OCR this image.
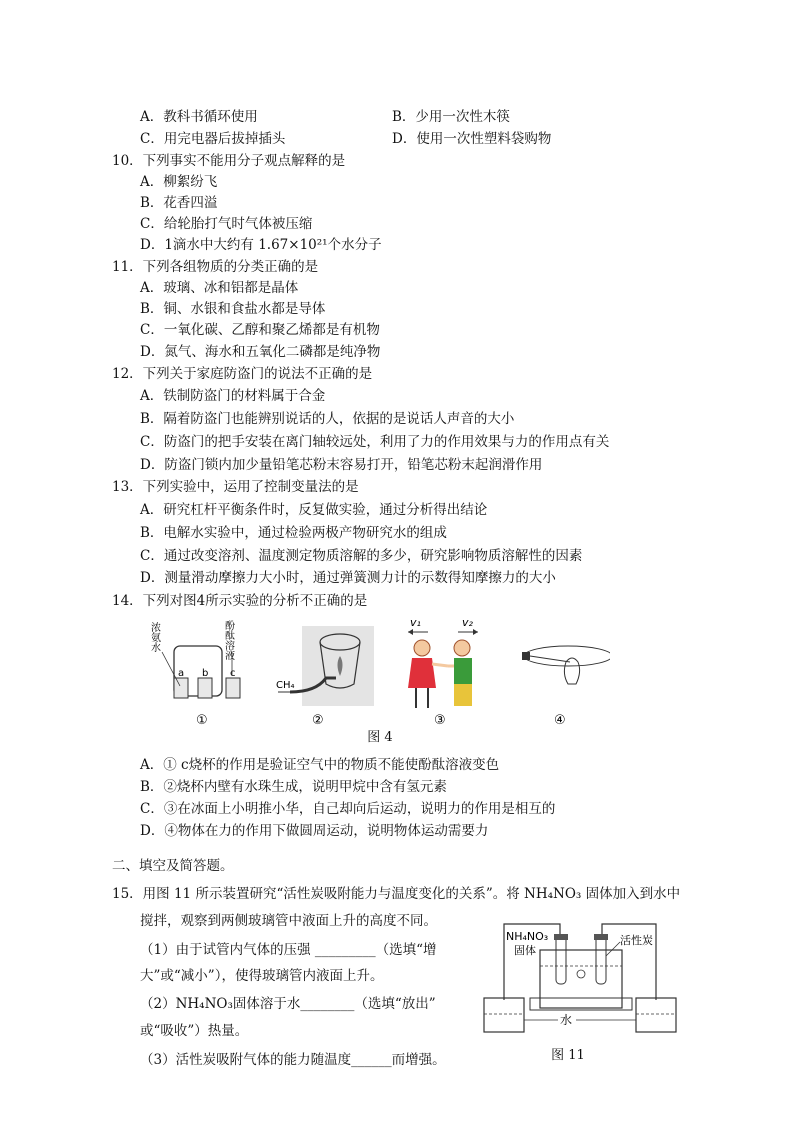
A．教科书循环使用	B．少用一次性木筷
C．用完电器后拔掉插头	D．使用一次性塑料袋购物
10．下列事实不能用分子观点解释的是
A．柳絮纷飞
B．花香四溢
C．给轮胎打气时气体被压缩
D．1滴水中大约有 1.67×10²¹个水分子
11．下列各组物质的分类正确的是
A．玻璃、冰和铝都是晶体
B．铜、水银和食盐水都是导体
C．一氧化碳、乙醇和聚乙烯都是有机物
D．氮气、海水和五氧化二磷都是纯净物
12．下列关于家庭防盗门的说法不正确的是
A．铁制防盗门的材料属于合金
B．隔着防盗门也能辨别说话的人，依据的是说话人声音的大小
C．防盗门的把手安装在离门轴较远处，利用了力的作用效果与力的作用点有关
D．防盗门锁内加少量铅笔芯粉末容易打开，铅笔芯粉末起润滑作用
13．下列实验中，运用了控制变量法的是
A．研究杠杆平衡条件时，反复做实验，通过分析得出结论
B．电解水实验中，通过检验两极产物研究水的组成
C．通过改变溶剂、温度测定物质溶解的多少，研究影响物质溶解性的因素
D．测量滑动摩擦力大小时，通过弹簧测力计的示数得知摩擦力的大小
14．下列对图4所示实验的分析不正确的是
浓氨水	酚酞溶液
a b c
①
CH₄
②
v₁	v₂
③	④
图 4
A．① c烧杯的作用是验证空气中的物质不能使酚酞溶液变色
B．②烧杯内壁有水珠生成，说明甲烷中含有氢元素
C．③在冰面上小明推小华，自己却向后运动，说明力的作用是相互的
D．④物体在力的作用下做圆周运动，说明物体运动需要力
二、填空及简答题。
15．用图 11 所示装置研究“活性炭吸附能力与温度变化的关系”。将 NH₄NO₃ 固体加入到水中
搅拌，观察到两侧玻璃管中液面上升的高度不同。
（1）由于试管内气体的压强 _________（选填“增
大”或“减小”），使得玻璃管内液面上升。
（2）NH₄NO₃固体溶于水________（选填“放出”
或“吸收”）热量。
（3）活性炭吸附气体的能力随温度______而增强。
NH₄NO₃
固体
活性炭
水
图 11
